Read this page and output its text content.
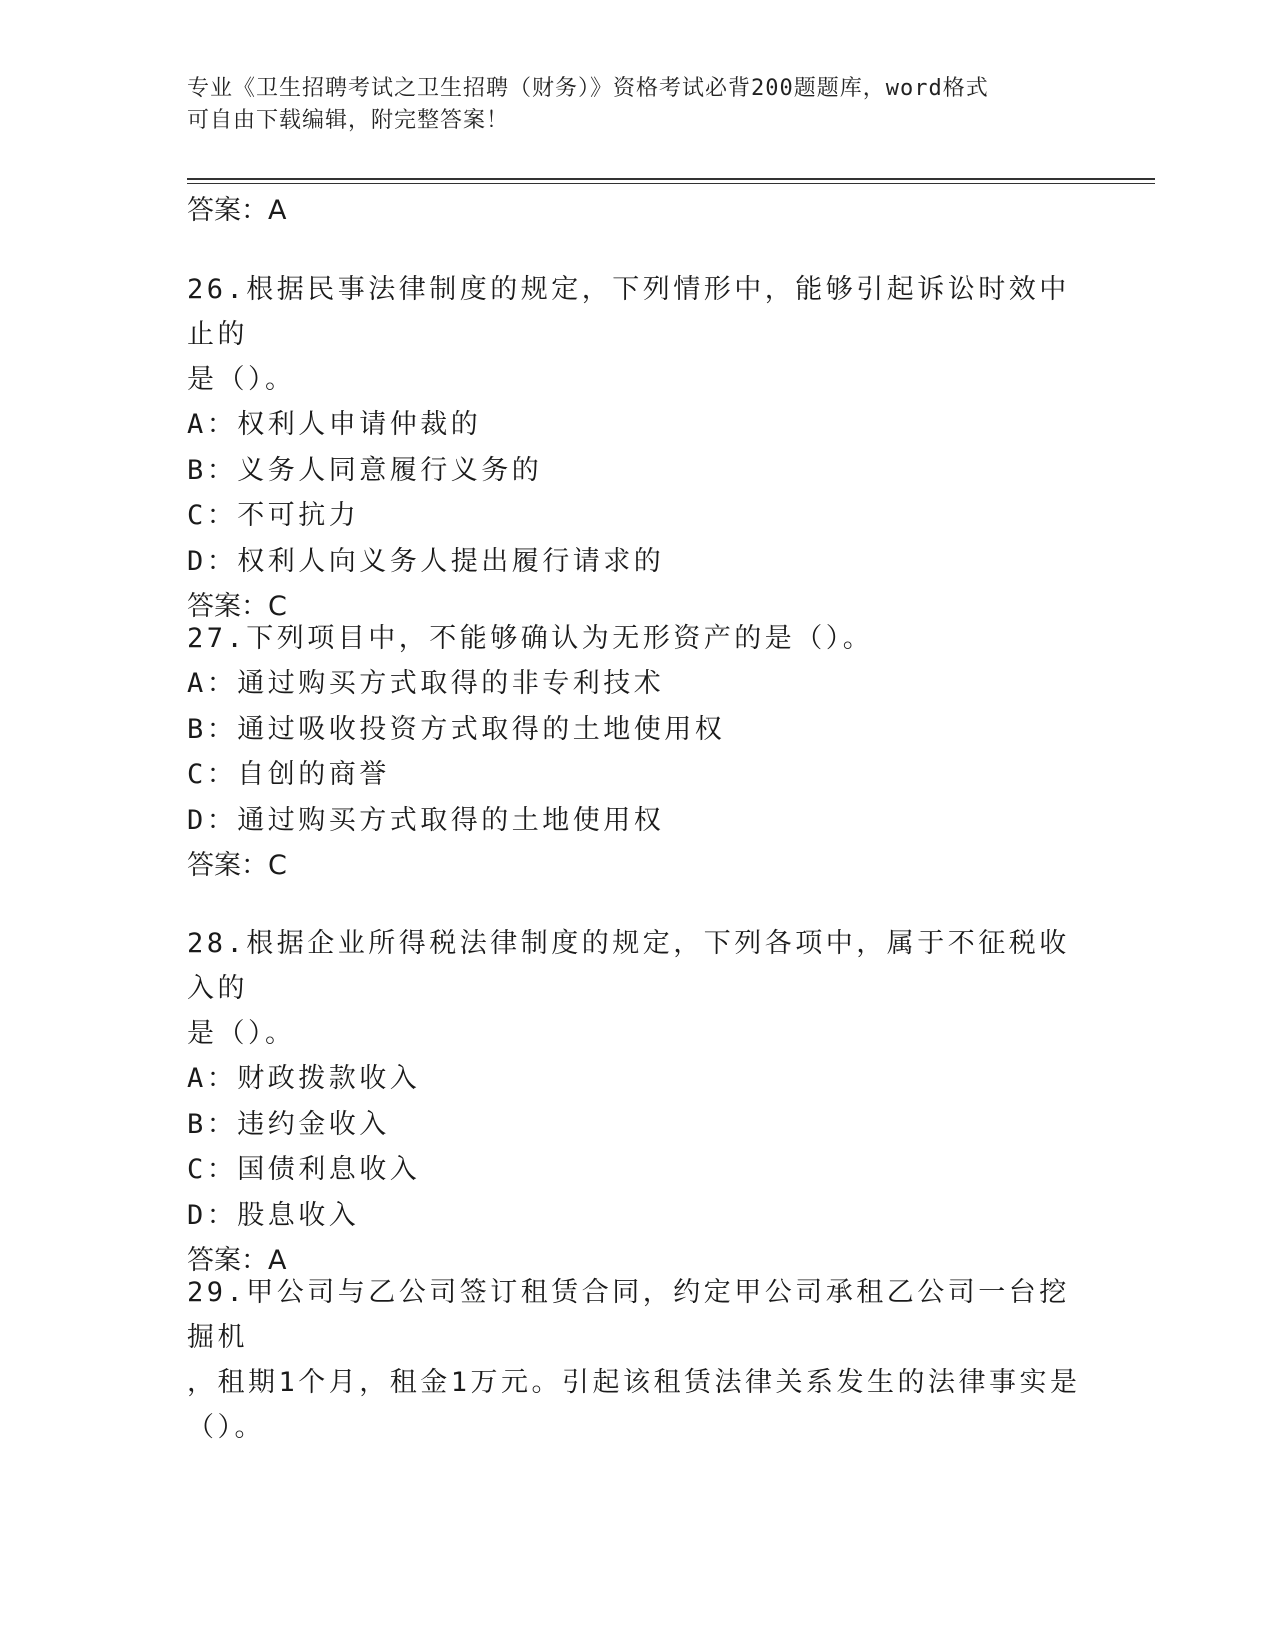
专业《卫生招聘考试之卫生招聘（财务）》资格考试必背200题题库，word格式
可自由下载编辑，附完整答案！
答案：A
26.根据民事法律制度的规定，下列情形中，能够引起诉讼时效中止的
是（）。
A：权利人申请仲裁的
B：义务人同意履行义务的
C：不可抗力
D：权利人向义务人提出履行请求的
答案：C
27.下列项目中，不能够确认为无形资产的是（）。
A：通过购买方式取得的非专利技术
B：通过吸收投资方式取得的土地使用权
C：自创的商誉
D：通过购买方式取得的土地使用权
答案：C
28.根据企业所得税法律制度的规定，下列各项中，属于不征税收入的
是（）。
A：财政拨款收入
B：违约金收入
C：国债利息收入
D：股息收入
答案：A
29.甲公司与乙公司签订租赁合同，约定甲公司承租乙公司一台挖掘机
，租期1个月，租金1万元。引起该租赁法律关系发生的法律事实是
（）。
